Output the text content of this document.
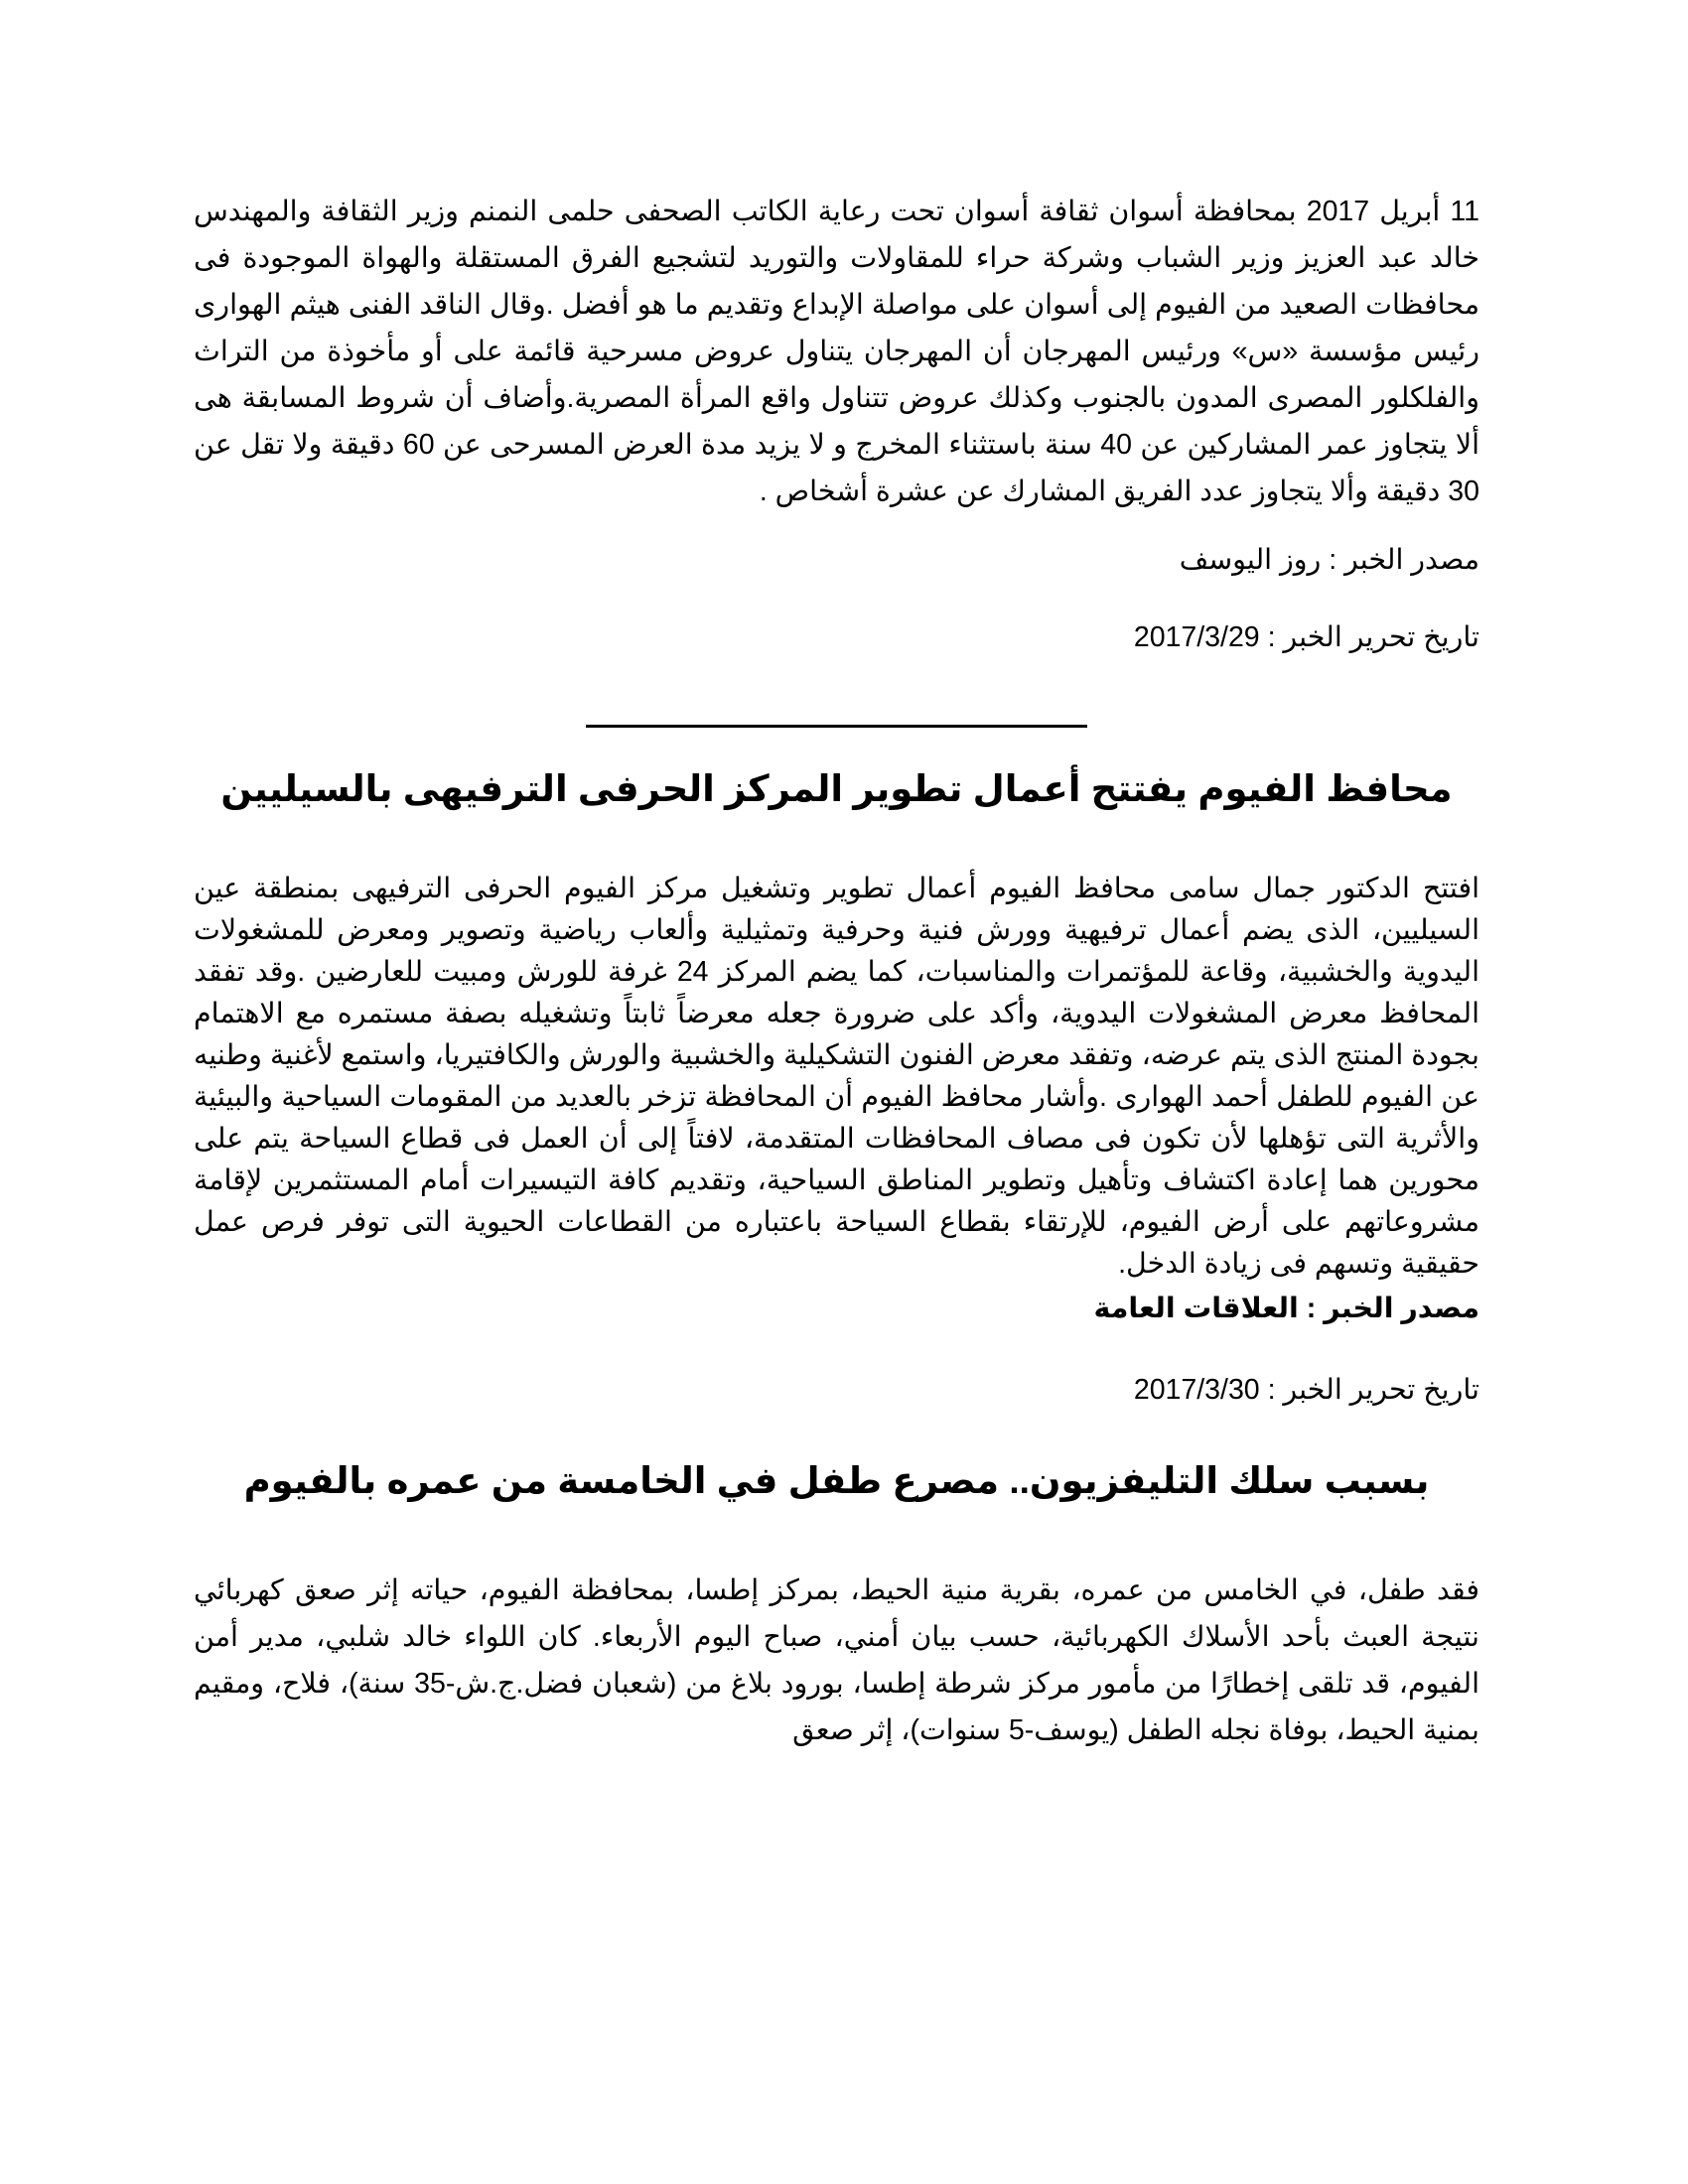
11 أبريل 2017 بمحافظة أسوان ثقافة أسوان تحت رعاية الكاتب الصحفى حلمى النمنم وزير الثقافة والمهندس خالد عبد العزيز وزير الشباب وشركة حراء للمقاولات والتوريد لتشجيع الفرق المستقلة والهواة الموجودة فى محافظات الصعيد من الفيوم إلى أسوان على مواصلة الإبداع وتقديم ما هو أفضل .وقال الناقد الفنى هيثم الهوارى رئيس مؤسسة «س» ورئيس المهرجان أن المهرجان يتناول عروض مسرحية قائمة على أو مأخوذة من التراث والفلكلور المصرى المدون بالجنوب وكذلك عروض تتناول واقع المرأة المصرية.وأضاف أن شروط المسابقة هى ألا يتجاوز عمر المشاركين عن 40 سنة باستثناء المخرج و لا يزيد مدة العرض المسرحى عن 60 دقيقة ولا تقل عن 30 دقيقة وألا يتجاوز عدد الفريق المشارك عن عشرة أشخاص .

مصدر الخبر : روز اليوسف

تاريخ تحرير الخبر : 2017/3/29

محافظ الفيوم يفتتح أعمال تطوير المركز الحرفى الترفيهى بالسيليين

افتتح الدكتور جمال سامى محافظ الفيوم أعمال تطوير وتشغيل مركز الفيوم الحرفى الترفيهى بمنطقة عين السيليين، الذى يضم أعمال ترفيهية وورش فنية وحرفية وتمثيلية وألعاب رياضية وتصوير ومعرض للمشغولات اليدوية والخشبية، وقاعة للمؤتمرات والمناسبات، كما يضم المركز 24 غرفة للورش ومبيت للعارضين .وقد تفقد المحافظ معرض المشغولات اليدوية، وأكد على ضرورة جعله معرضاً ثابتاً وتشغيله بصفة مستمره مع الاهتمام بجودة المنتج الذى يتم عرضه، وتفقد معرض الفنون التشكيلية والخشبية والورش والكافتيريا، واستمع لأغنية وطنيه عن الفيوم للطفل أحمد الهوارى .وأشار محافظ الفيوم أن المحافظة تزخر بالعديد من المقومات السياحية والبيئية والأثرية التى تؤهلها لأن تكون فى مصاف المحافظات المتقدمة، لافتاً إلى أن العمل فى قطاع السياحة يتم على محورين هما إعادة اكتشاف وتأهيل وتطوير المناطق السياحية، وتقديم كافة التيسيرات أمام المستثمرين لإقامة مشروعاتهم على أرض الفيوم، للإرتقاء بقطاع السياحة باعتباره من القطاعات الحيوية التى توفر فرص عمل حقيقية وتسهم فى زيادة الدخل.

مصدر الخبر : العلاقات العامة

تاريخ تحرير الخبر : 2017/3/30

بسبب سلك التليفزيون.. مصرع طفل في الخامسة من عمره بالفيوم

فقد طفل، في الخامس من عمره، بقرية منية الحيط، بمركز إطسا، بمحافظة الفيوم، حياته إثر صعق كهربائي نتيجة العبث بأحد الأسلاك الكهربائية، حسب بيان أمني، صباح اليوم الأربعاء. كان اللواء خالد شلبي، مدير أمن الفيوم، قد تلقى إخطارًا من مأمور مركز شرطة إطسا، بورود بلاغ من (شعبان فضل.ج.ش-35 سنة)، فلاح، ومقيم بمنية الحيط، بوفاة نجله الطفل (يوسف-5 سنوات)، إثر صعق
